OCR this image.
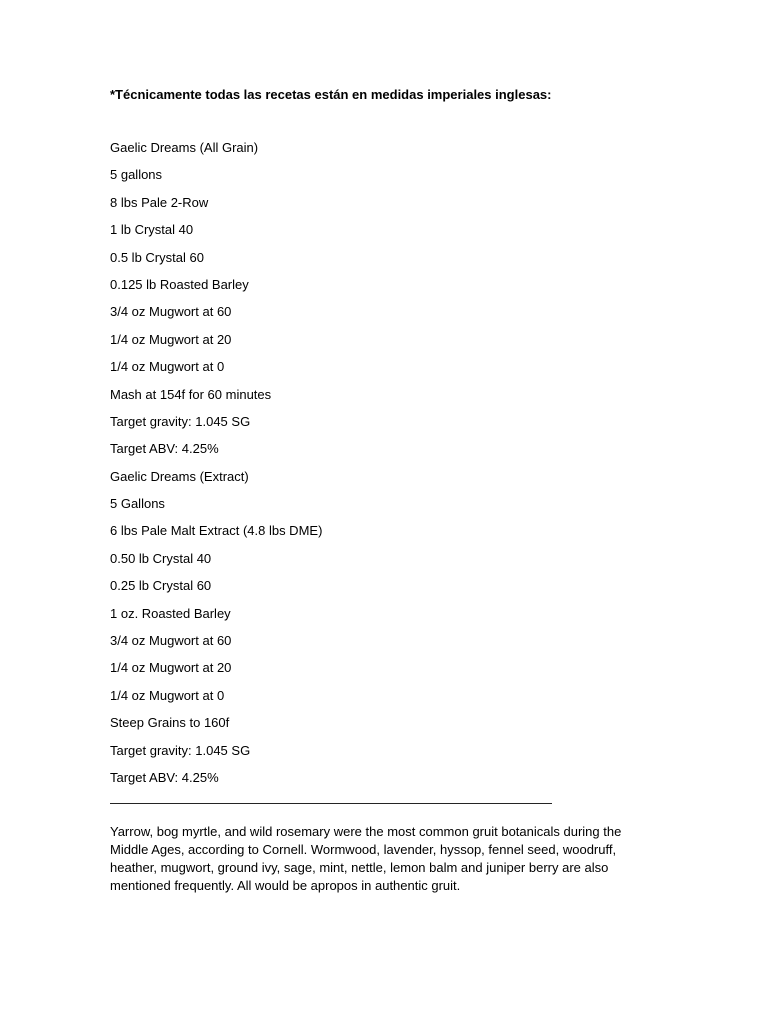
*Técnicamente todas las recetas están en medidas imperiales inglesas:
Gaelic Dreams (All Grain)
5 gallons
8 lbs Pale 2-Row
1 lb Crystal 40
0.5 lb Crystal 60
0.125 lb Roasted Barley
3/4 oz Mugwort at 60
1/4 oz Mugwort at 20
1/4 oz Mugwort at 0
Mash at 154f for 60 minutes
Target gravity: 1.045 SG
Target ABV: 4.25%
Gaelic Dreams (Extract)
5 Gallons
6 lbs Pale Malt Extract (4.8 lbs DME)
0.50 lb Crystal 40
0.25 lb Crystal 60
1 oz. Roasted Barley
3/4 oz Mugwort at 60
1/4 oz Mugwort at 20
1/4 oz Mugwort at 0
Steep Grains to 160f
Target gravity: 1.045 SG
Target ABV: 4.25%
——————————————————————————————————

Yarrow, bog myrtle, and wild rosemary were the most common gruit botanicals during the Middle Ages, according to Cornell. Wormwood, lavender, hyssop, fennel seed, woodruff, heather, mugwort, ground ivy, sage, mint, nettle, lemon balm and juniper berry are also mentioned frequently. All would be apropos in authentic gruit.
